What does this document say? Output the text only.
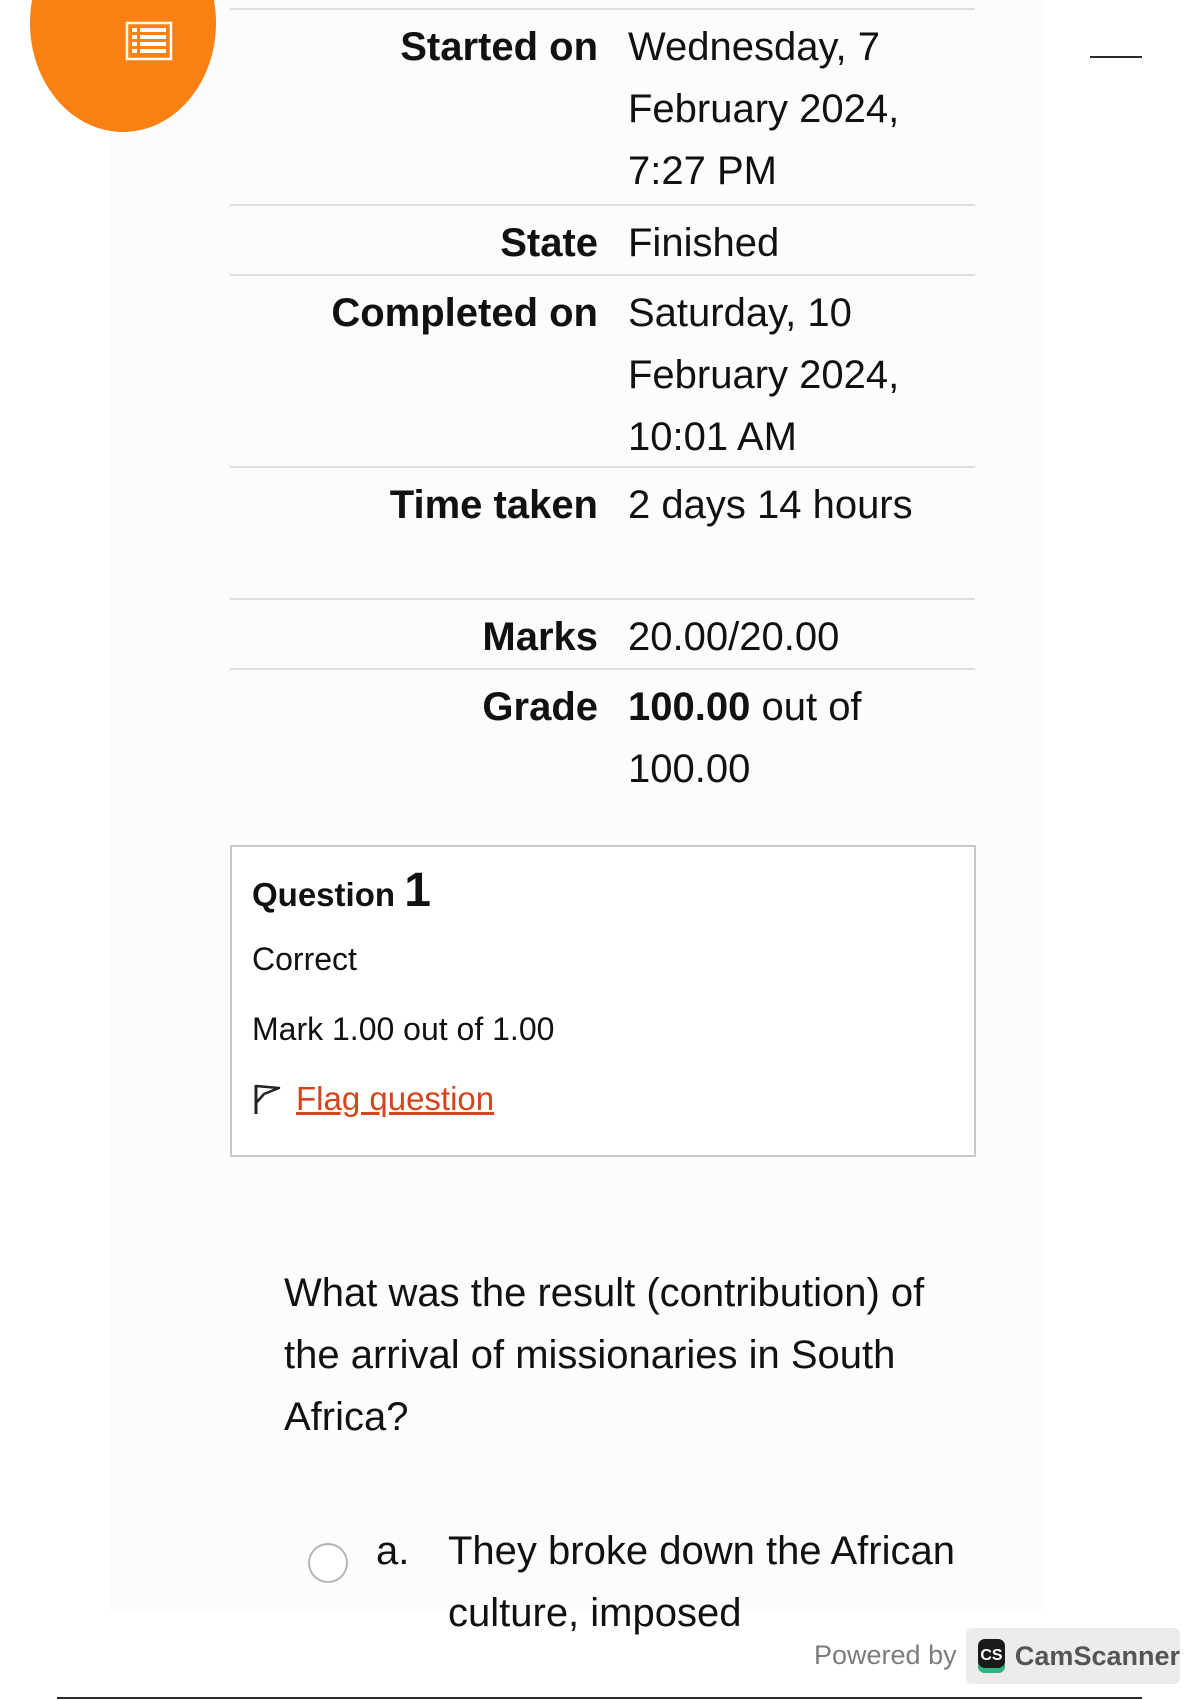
Started on Wednesday, 7 February 2024, 7:27 PM
State Finished
Completed on Saturday, 10 February 2024, 10:01 AM
Time taken 2 days 14 hours
Marks 20.00/20.00
Grade 100.00 out of 100.00
Question 1
Correct
Mark 1.00 out of 1.00
Flag question
What was the result (contribution) of the arrival of missionaries in South Africa?
a. They broke down the African culture, imposed
Powered by CS CamScanner
